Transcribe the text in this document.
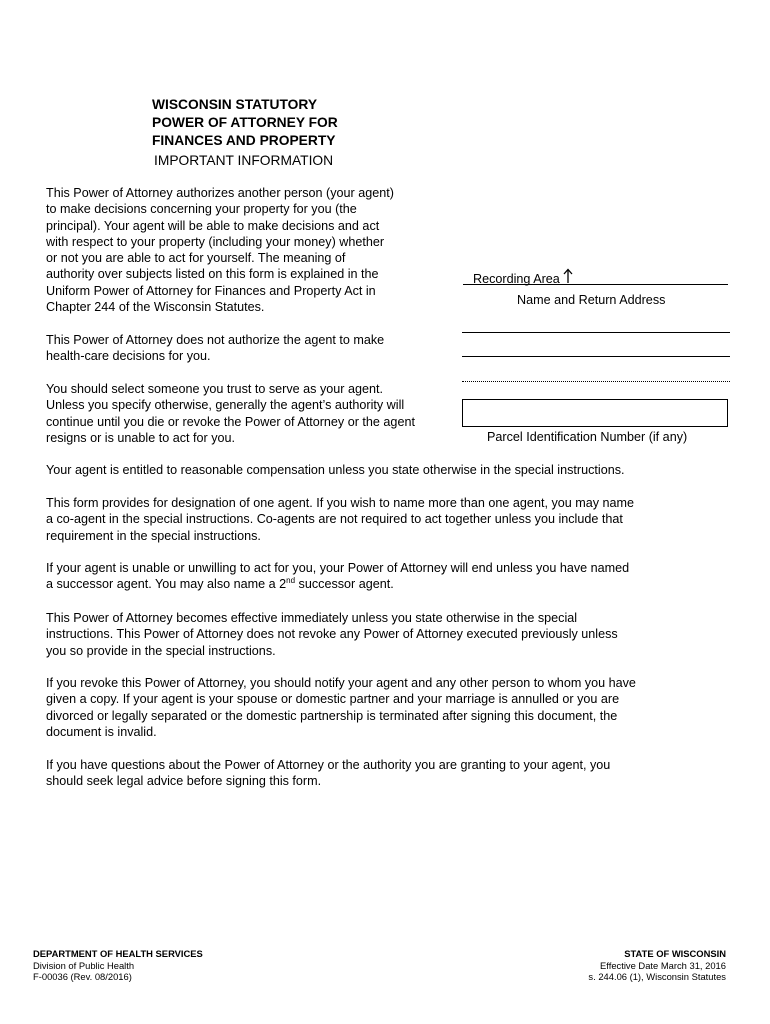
WISCONSIN STATUTORY
POWER OF ATTORNEY FOR
FINANCES AND PROPERTY
IMPORTANT INFORMATION
This Power of Attorney authorizes another person (your agent)
to make decisions concerning your property for you (the
principal). Your agent will be able to make decisions and act
with respect to your property (including your money) whether
or not you are able to act for yourself. The meaning of
authority over subjects listed on this form is explained in the
Uniform Power of Attorney for Finances and Property Act in
Chapter 244 of the Wisconsin Statutes.
This Power of Attorney does not authorize the agent to make
health-care decisions for you.
You should select someone you trust to serve as your agent.
Unless you specify otherwise, generally the agent’s authority will
continue until you die or revoke the Power of Attorney or the agent
resigns or is unable to act for you.
Recording Area
Name and Return Address
Parcel Identification Number (if any)
Your agent is entitled to reasonable compensation unless you state otherwise in the special instructions.
This form provides for designation of one agent. If you wish to name more than one agent, you may name
a co-agent in the special instructions. Co-agents are not required to act together unless you include that
requirement in the special instructions.
If your agent is unable or unwilling to act for you, your Power of Attorney will end unless you have named
a successor agent. You may also name a 2nd successor agent.
This Power of Attorney becomes effective immediately unless you state otherwise in the special
instructions. This Power of Attorney does not revoke any Power of Attorney executed previously unless
you so provide in the special instructions.
If you revoke this Power of Attorney, you should notify your agent and any other person to whom you have
given a copy. If your agent is your spouse or domestic partner and your marriage is annulled or you are
divorced or legally separated or the domestic partnership is terminated after signing this document, the
document is invalid.
If you have questions about the Power of Attorney or the authority you are granting to your agent, you
should seek legal advice before signing this form.
DEPARTMENT OF HEALTH SERVICES
Division of Public Health
F-00036 (Rev. 08/2016)
STATE OF WISCONSIN
Effective Date March 31, 2016
s. 244.06 (1), Wisconsin Statutes
